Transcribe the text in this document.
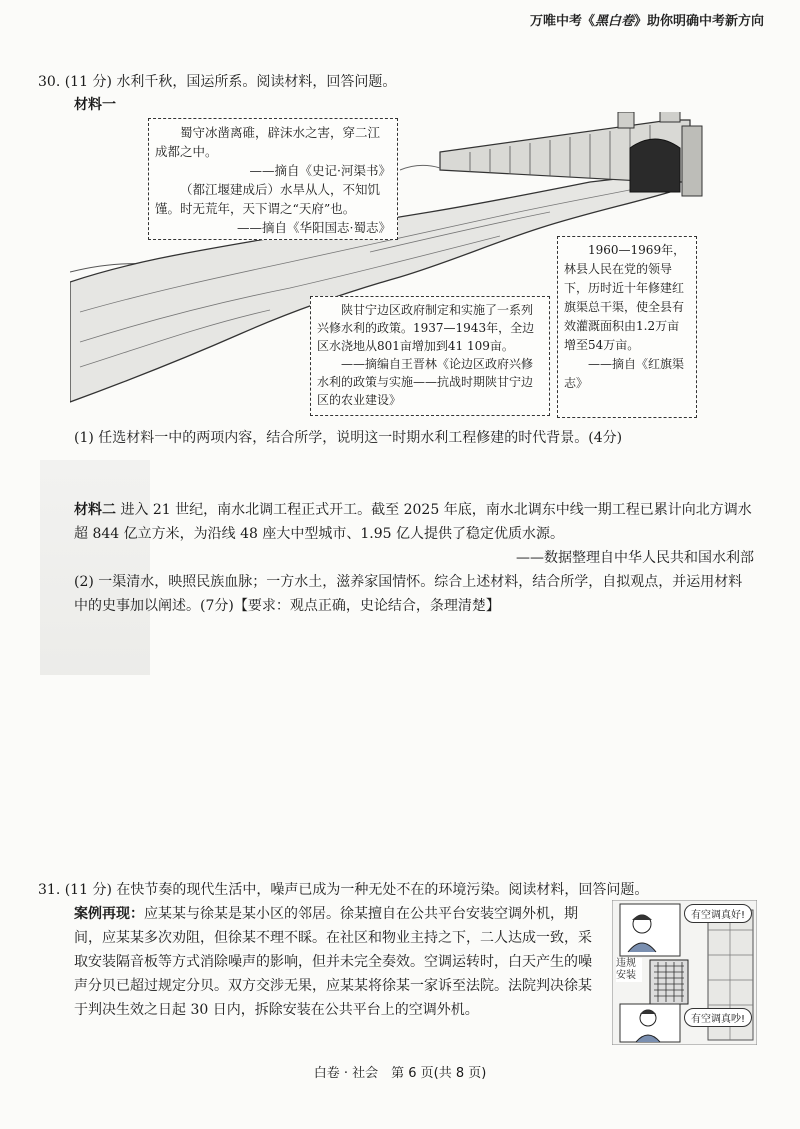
万唯中考《黑白卷》助你明确中考新方向
30. (11 分) 水利千秋，国运所系。阅读材料，回答问题。
材料一

蜀守冰凿离碓，辟沫水之害，穿二江成都之中。

——摘自《史记·河渠书》

（都江堰建成后）水旱从人，不知饥馑。时无荒年，天下谓之“天府”也。

——摘自《华阳国志·蜀志》

陕甘宁边区政府制定和实施了一系列兴修水利的政策。1937—1943年，全边区水浇地从801亩增加到41 109亩。

——摘编自王晋林《论边区政府兴修水利的政策与实施——抗战时期陕甘宁边区的农业建设》

1960—1969年，林县人民在党的领导下，历时近十年修建红旗渠总干渠，使全县有效灌溉面积由1.2万亩增至54万亩。

——摘自《红旗渠志》

(1) 任选材料一中的两项内容，结合所学，说明这一时期水利工程修建的时代背景。(4分)
材料二 进入 21 世纪，南水北调工程正式开工。截至 2025 年底，南水北调东中线一期工程已累计向北方调水超 844 亿立方米，为沿线 48 座大中型城市、1.95 亿人提供了稳定优质水源。
——数据整理自中华人民共和国水利部
(2) 一渠清水，映照民族血脉；一方水土，滋养家国情怀。综合上述材料，结合所学，自拟观点，并运用材料中的史事加以阐述。(7分)【要求：观点正确，史论结合，条理清楚】
31. (11 分) 在快节奏的现代生活中，噪声已成为一种无处不在的环境污染。阅读材料，回答问题。
案例再现：应某某与徐某是某小区的邻居。徐某擅自在公共平台安装空调外机，期间，应某某多次劝阻，但徐某不理不睬。在社区和物业主持之下，二人达成一致，采取安装隔音板等方式消除噪声的影响，但并未完全奏效。空调运转时，白天产生的噪声分贝已超过规定分贝。双方交涉无果，应某某将徐某一家诉至法院。法院判决徐某于判决生效之日起 30 日内，拆除安装在公共平台上的空调外机。
有空调真好!
有空调真吵!
违规安装
白卷 · 社会　第 6 页(共 8 页)
